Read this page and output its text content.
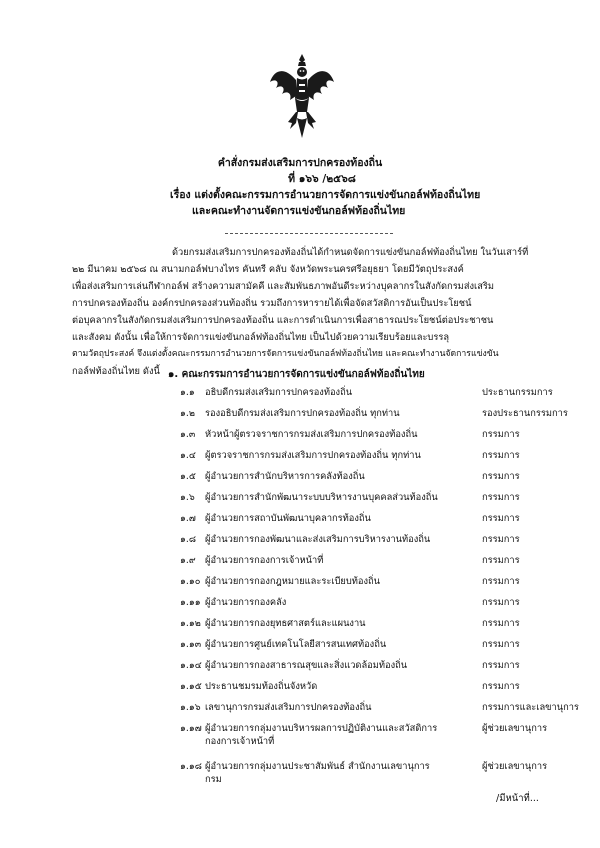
คำสั่งกรมส่งเสริมการปกครองท้องถิ่น
ที่ ๑๖๖ /๒๕๖๘
เรื่อง แต่งตั้งคณะกรรมการอำนวยการจัดการแข่งขันกอล์ฟท้องถิ่นไทย
และคณะทำงานจัดการแข่งขันกอล์ฟท้องถิ่นไทย
ด้วยกรมส่งเสริมการปกครองท้องถิ่นได้กำหนดจัดการแข่งขันกอล์ฟท้องถิ่นไทย ในวันเสาร์ที่
๒๒ มีนาคม ๒๕๖๘ ณ สนามกอล์ฟบางไทร คันทรี คลับ จังหวัดพระนครศรีอยุธยา โดยมีวัตถุประสงค์
เพื่อส่งเสริมการเล่นกีฬากอล์ฟ สร้างความสามัคคี และสัมพันธภาพอันดีระหว่างบุคลากรในสังกัดกรมส่งเสริม
การปกครองท้องถิ่น องค์กรปกครองส่วนท้องถิ่น รวมถึงการหารายได้เพื่อจัดสวัสดิการอันเป็นประโยชน์
ต่อบุคลากรในสังกัดกรมส่งเสริมการปกครองท้องถิ่น และการดำเนินการเพื่อสาธารณประโยชน์ต่อประชาชน
และสังคม ดังนั้น เพื่อให้การจัดการแข่งขันกอล์ฟท้องถิ่นไทย เป็นไปด้วยความเรียบร้อยและบรรลุ
ตามวัตถุประสงค์ จึงแต่งตั้งคณะกรรมการอำนวยการจัดการแข่งขันกอล์ฟท้องถิ่นไทย และคณะทำงานจัดการแข่งขัน
กอล์ฟท้องถิ่นไทย ดังนี้ ๑. คณะกรรมการอำนวยการจัดการแข่งขันกอล์ฟท้องถิ่นไทย
๑.๑ อธิบดีกรมส่งเสริมการปกครองท้องถิ่น	ประธานกรรมการ
๑.๒ รองอธิบดีกรมส่งเสริมการปกครองท้องถิ่น ทุกท่าน	รองประธานกรรมการ
๑.๓ หัวหน้าผู้ตรวจราชการกรมส่งเสริมการปกครองท้องถิ่น	กรรมการ
๑.๔ ผู้ตรวจราชการกรมส่งเสริมการปกครองท้องถิ่น ทุกท่าน	กรรมการ
๑.๕ ผู้อำนวยการสำนักบริหารการคลังท้องถิ่น	กรรมการ
๑.๖ ผู้อำนวยการสำนักพัฒนาระบบบริหารงานบุคคลส่วนท้องถิ่น	กรรมการ
๑.๗ ผู้อำนวยการสถาบันพัฒนาบุคลากรท้องถิ่น	กรรมการ
๑.๘ ผู้อำนวยการกองพัฒนาและส่งเสริมการบริหารงานท้องถิ่น	กรรมการ
๑.๙ ผู้อำนวยการกองการเจ้าหน้าที่	กรรมการ
๑.๑๐ ผู้อำนวยการกองกฎหมายและระเบียบท้องถิ่น	กรรมการ
๑.๑๑ ผู้อำนวยการกองคลัง	กรรมการ
๑.๑๒ ผู้อำนวยการกองยุทธศาสตร์และแผนงาน	กรรมการ
๑.๑๓ ผู้อำนวยการศูนย์เทคโนโลยีสารสนเทศท้องถิ่น	กรรมการ
๑.๑๔ ผู้อำนวยการกองสาธารณสุขและสิ่งแวดล้อมท้องถิ่น	กรรมการ
๑.๑๕ ประธานชมรมท้องถิ่นจังหวัด	กรรมการ
๑.๑๖ เลขานุการกรมส่งเสริมการปกครองท้องถิ่น	กรรมการและเลขานุการ
๑.๑๗ ผู้อำนวยการกลุ่มงานบริหารผลการปฏิบัติงานและสวัสดิการกองการเจ้าหน้าที่
ผู้ช่วยเลขานุการ
๑.๑๘ ผู้อำนวยการกลุ่มงานประชาสัมพันธ์ สำนักงานเลขานุการกรม
ผู้ช่วยเลขานุการ
/มีหน้าที่...
